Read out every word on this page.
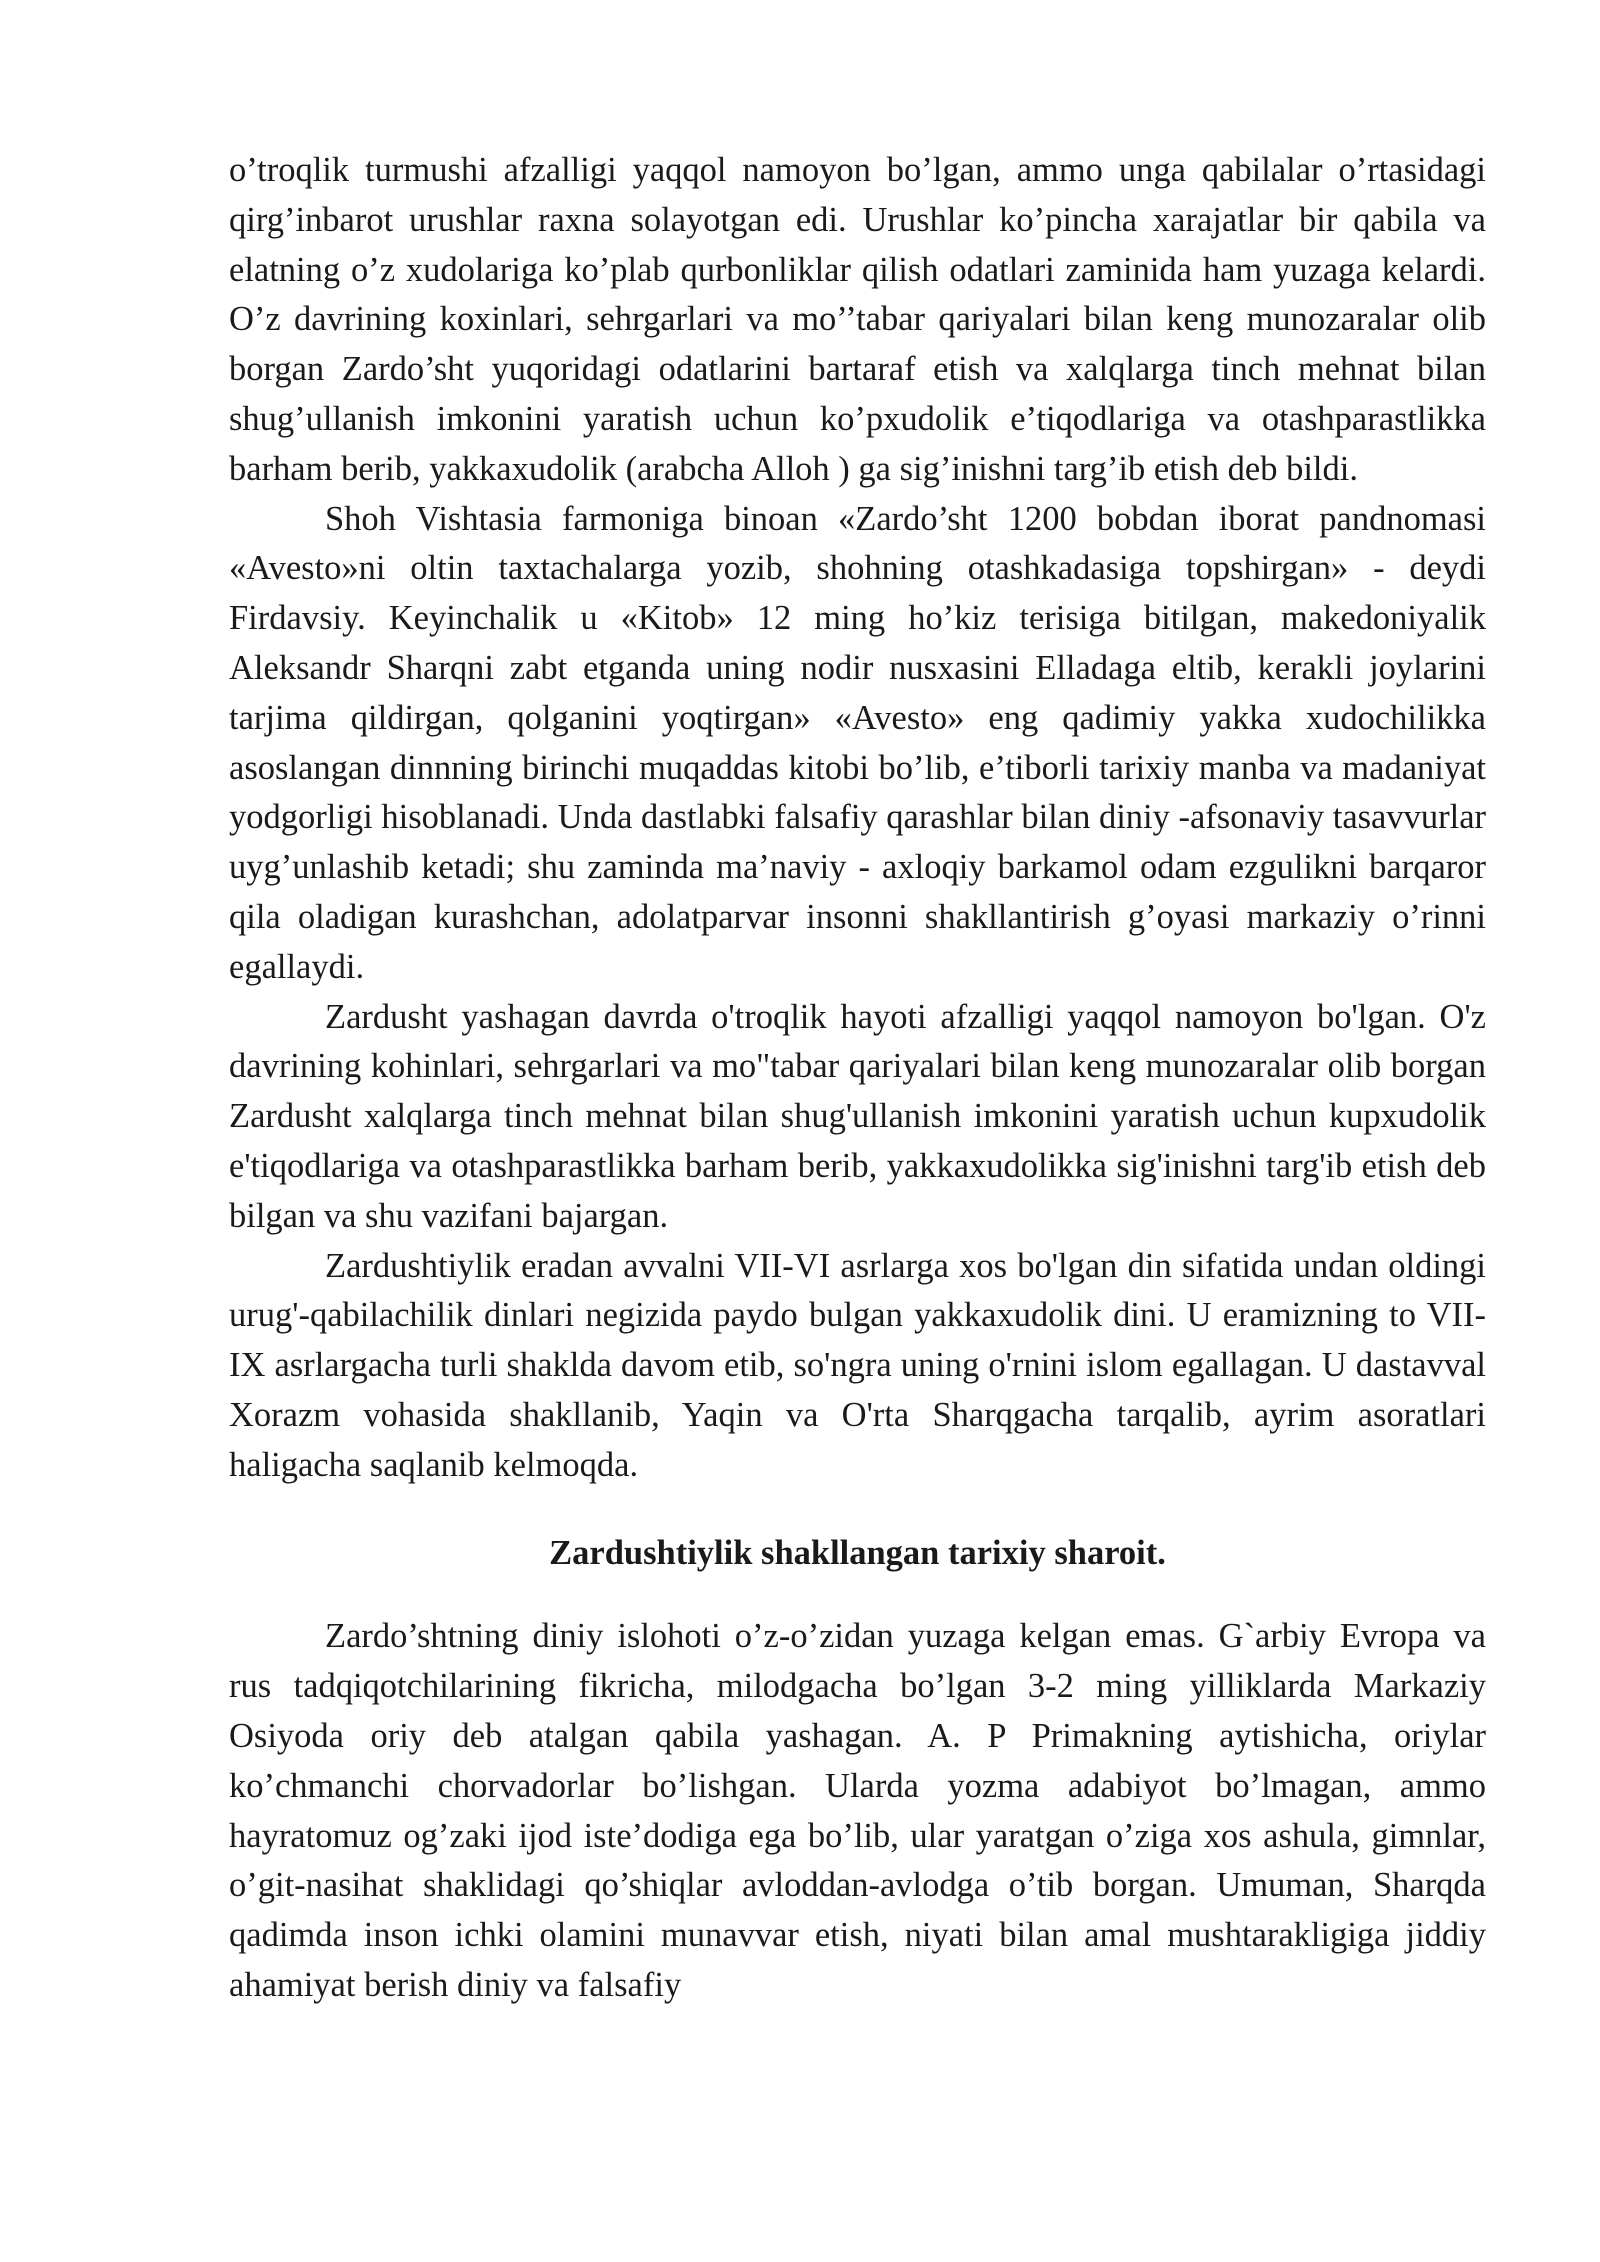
o’troqlik turmushi afzalligi yaqqol namoyon bo’lgan, ammo unga qabilalar o’rtasidagi qirg’inbarot urushlar raxna solayotgan edi. Urushlar ko’pincha xarajatlar bir qabila va elatning o’z xudolariga ko’plab qurbonliklar qilish odatlari zaminida ham yuzaga kelardi. O’z davrining koxinlari, sehrgarlari va mo’’tabar qariyalari bilan keng munozaralar olib borgan Zardo’sht yuqoridagi odatlarini bartaraf etish va xalqlarga tinch mehnat bilan shug’ullanish imkonini yaratish uchun ko’pxudolik e’tiqodlariga va otashparastlikka barham berib, yakkaxudolik (arabcha Alloh ) ga sig’inishni targ’ib etish deb bildi.

Shoh Vishtasia farmoniga binoan «Zardo’sht 1200 bobdan iborat pandnomasi «Avesto»ni oltin taxtachalarga yozib, shohning otashkadasiga topshirgan» - deydi Firdavsiy. Keyinchalik u «Kitob» 12 ming ho’kiz terisiga bitilgan, makedoniyalik Aleksandr Sharqni zabt etganda uning nodir nusxasini Elladaga eltib, kerakli joylarini tarjima qildirgan, qolganini yoqtirgan» «Avesto» eng qadimiy yakka xudochilikka asoslangan dinnning birinchi muqaddas kitobi bo’lib, e’tiborli tarixiy manba va madaniyat yodgorligi hisoblanadi. Unda dastlabki falsafiy qarashlar bilan diniy -afsonaviy tasavvurlar uyg’unlashib ketadi; shu zaminda ma’naviy - axloqiy barkamol odam ezgulikni barqaror qila oladigan kurashchan, adolatparvar insonni shakllantirish g’oyasi markaziy o’rinni egallaydi.

Zardusht yashagan davrda o'troqlik hayoti afzalligi yaqqol namoyon bo'lgan. O'z davrining kohinlari, sehrgarlari va mo"tabar qariyalari bilan keng munozaralar olib borgan Zardusht xalqlarga tinch mehnat bilan shug'ullanish imkonini yaratish uchun kupxudolik e'tiqodlariga va otashparastlikka barham berib, yakkaxudolikka sig'inishni targ'ib etish deb bilgan va shu vazifani bajargan.

Zardushtiylik eradan avvalni VII-VI asrlarga xos bo'lgan din sifatida undan oldingi urug'-qabilachilik dinlari negizida paydo bulgan yakkaxudolik dini. U eramizning to VII-IX asrlargacha turli shaklda davom etib, so'ngra uning o'rnini islom egallagan. U dastavval Xorazm vohasida shakllanib, Yaqin va O'rta Sharqgacha tarqalib, ayrim asoratlari haligacha saqlanib kelmoqda.

Zardushtiylik shakllangan tarixiy sharoit.

Zardo’shtning diniy islohoti o’z-o’zidan yuzaga kelgan emas. G`arbiy Evropa va rus tadqiqotchilarining fikricha, milodgacha bo’lgan 3-2 ming yilliklarda Markaziy Osiyoda oriy deb atalgan qabila yashagan. A. P Primakning aytishicha, oriylar ko’chmanchi chorvadorlar bo’lishgan. Ularda yozma adabiyot bo’lmagan, ammo hayratomuz og’zaki ijod iste’dodiga ega bo’lib, ular yaratgan o’ziga xos ashula, gimnlar, o’git-nasihat shaklidagi qo’shiqlar avloddan-avlodga o’tib borgan. Umuman, Sharqda qadimda inson ichki olamini munavvar etish, niyati bilan amal mushtarakligiga jiddiy ahamiyat berish diniy va falsafiy
